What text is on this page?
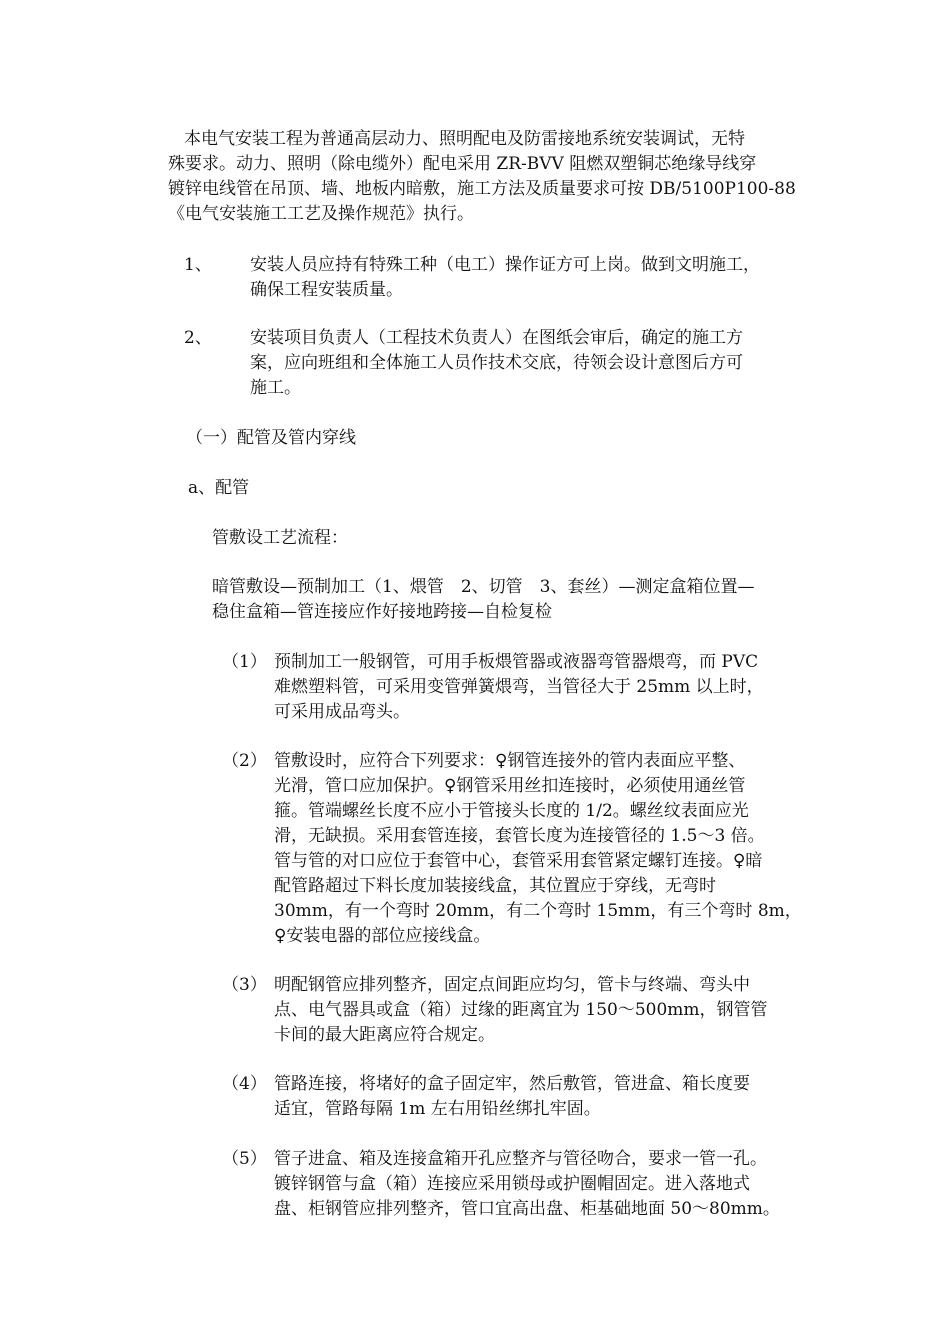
本电气安装工程为普通高层动力、照明配电及防雷接地系统安装调试，无特
殊要求。动力、照明（除电缆外）配电采用 ZR-BVV 阻燃双塑铜芯绝缘导线穿
镀锌电线管在吊顶、墙、地板内暗敷，施工方法及质量要求可按 DB/5100P100-88
《电气安装施工工艺及操作规范》执行。
1、 安装人员应持有特殊工种（电工）操作证方可上岗。做到文明施工，
确保工程安装质量。
2、 安装项目负责人（工程技术负责人）在图纸会审后，确定的施工方
案，应向班组和全体施工人员作技术交底，待领会设计意图后方可
施工。
（一）配管及管内穿线
a、配管
管敷设工艺流程：
暗管敷设—预制加工（1、煨管　2、切管　3、套丝）—测定盒箱位置—
稳住盒箱—管连接应作好接地跨接—自检复检
（1） 预制加工一般钢管，可用手板煨管器或液器弯管器煨弯，而 PVC
难燃塑料管，可采用变管弹簧煨弯，当管径大于 25mm 以上时，
可采用成品弯头。
（2） 管敷设时，应符合下列要求：♀钢管连接外的管内表面应平整、
光滑，管口应加保护。♀钢管采用丝扣连接时，必须使用通丝管
箍。管端螺丝长度不应小于管接头长度的 1/2。螺丝纹表面应光
滑，无缺损。采用套管连接，套管长度为连接管径的 1.5～3 倍。
管与管的对口应位于套管中心，套管采用套管紧定螺钉连接。♀暗
配管路超过下料长度加装接线盒，其位置应于穿线，无弯时
30mm，有一个弯时 20mm，有二个弯时 15mm，有三个弯时 8m，
♀安装电器的部位应接线盒。
（3） 明配钢管应排列整齐，固定点间距应均匀，管卡与终端、弯头中
点、电气器具或盒（箱）过缘的距离宜为 150～500mm，钢管管
卡间的最大距离应符合规定。
（4） 管路连接，将堵好的盒子固定牢，然后敷管，管进盒、箱长度要
适宜，管路每隔 1m 左右用铅丝绑扎牢固。
（5） 管子进盒、箱及连接盒箱开孔应整齐与管径吻合，要求一管一孔。
镀锌钢管与盒（箱）连接应采用锁母或护圈帽固定。进入落地式
盘、柜钢管应排列整齐，管口宜高出盘、柜基础地面 50～80mm。
